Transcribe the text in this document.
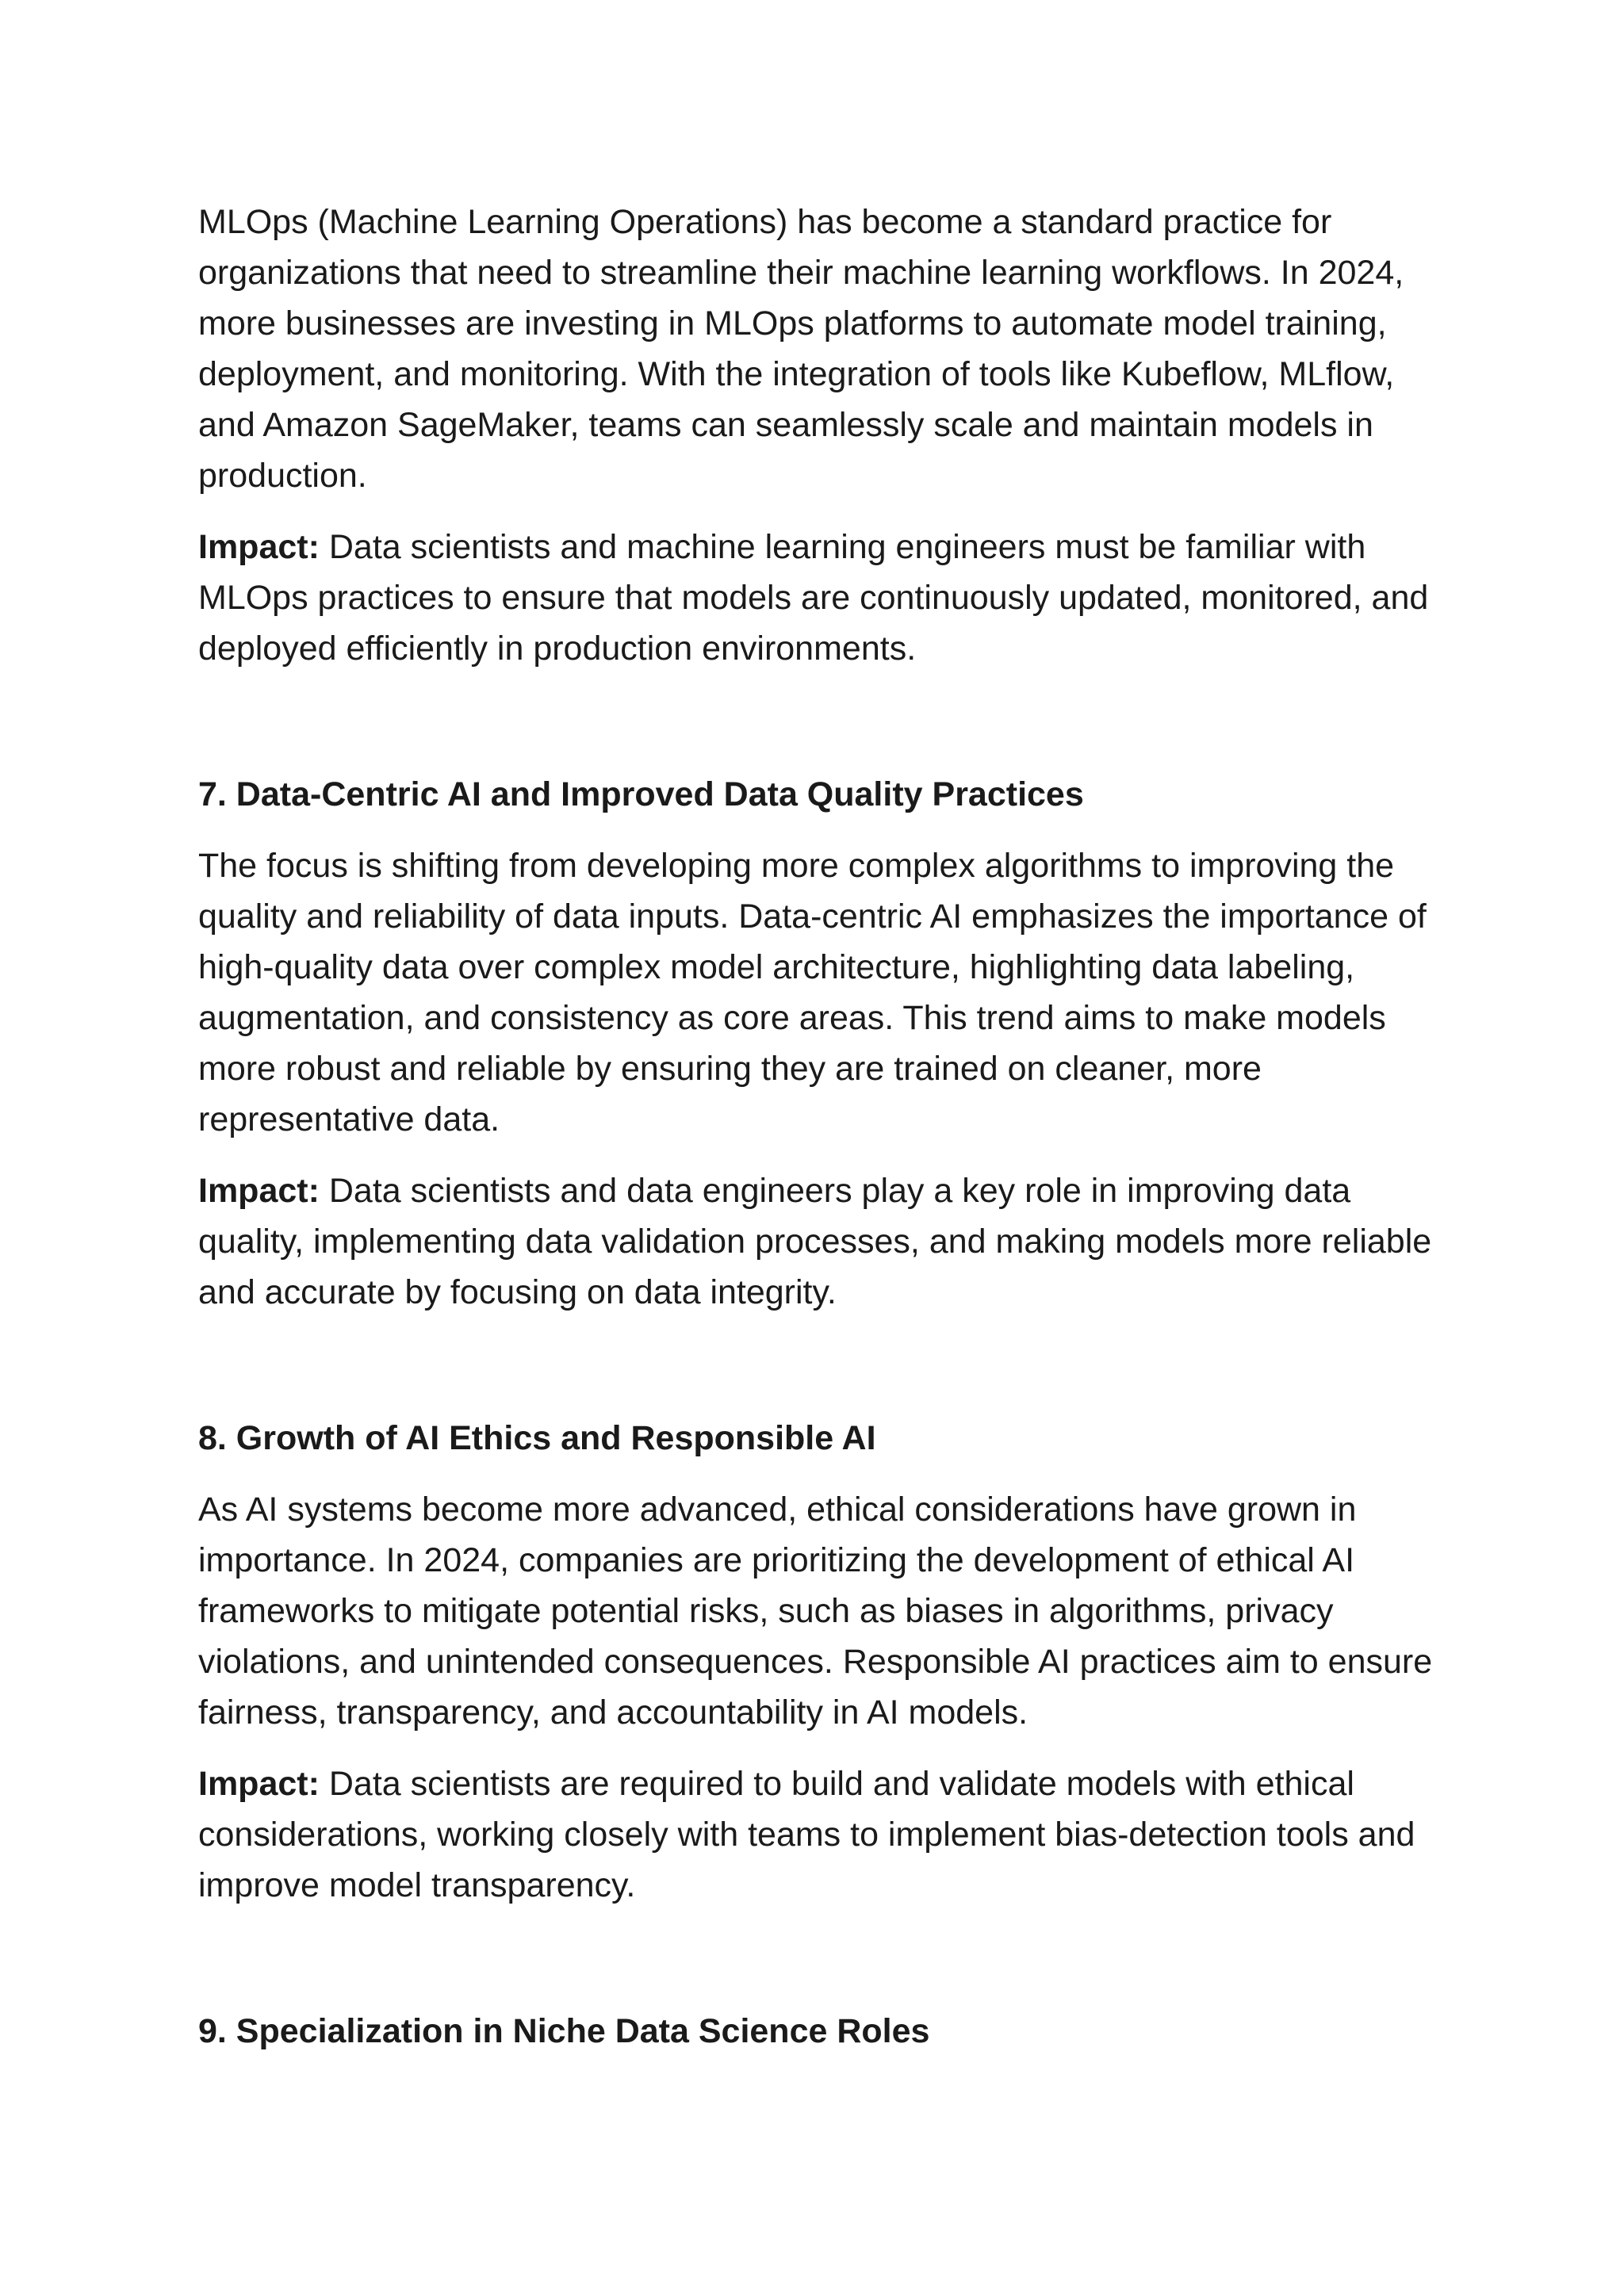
MLOps (Machine Learning Operations) has become a standard practice for organizations that need to streamline their machine learning workflows. In 2024, more businesses are investing in MLOps platforms to automate model training, deployment, and monitoring. With the integration of tools like Kubeflow, MLflow, and Amazon SageMaker, teams can seamlessly scale and maintain models in production.

Impact: Data scientists and machine learning engineers must be familiar with MLOps practices to ensure that models are continuously updated, monitored, and deployed efficiently in production environments.

7. Data-Centric AI and Improved Data Quality Practices

The focus is shifting from developing more complex algorithms to improving the quality and reliability of data inputs. Data-centric AI emphasizes the importance of high-quality data over complex model architecture, highlighting data labeling, augmentation, and consistency as core areas. This trend aims to make models more robust and reliable by ensuring they are trained on cleaner, more representative data.

Impact: Data scientists and data engineers play a key role in improving data quality, implementing data validation processes, and making models more reliable and accurate by focusing on data integrity.

8. Growth of AI Ethics and Responsible AI

As AI systems become more advanced, ethical considerations have grown in importance. In 2024, companies are prioritizing the development of ethical AI frameworks to mitigate potential risks, such as biases in algorithms, privacy violations, and unintended consequences. Responsible AI practices aim to ensure fairness, transparency, and accountability in AI models.

Impact: Data scientists are required to build and validate models with ethical considerations, working closely with teams to implement bias-detection tools and improve model transparency.

9. Specialization in Niche Data Science Roles
